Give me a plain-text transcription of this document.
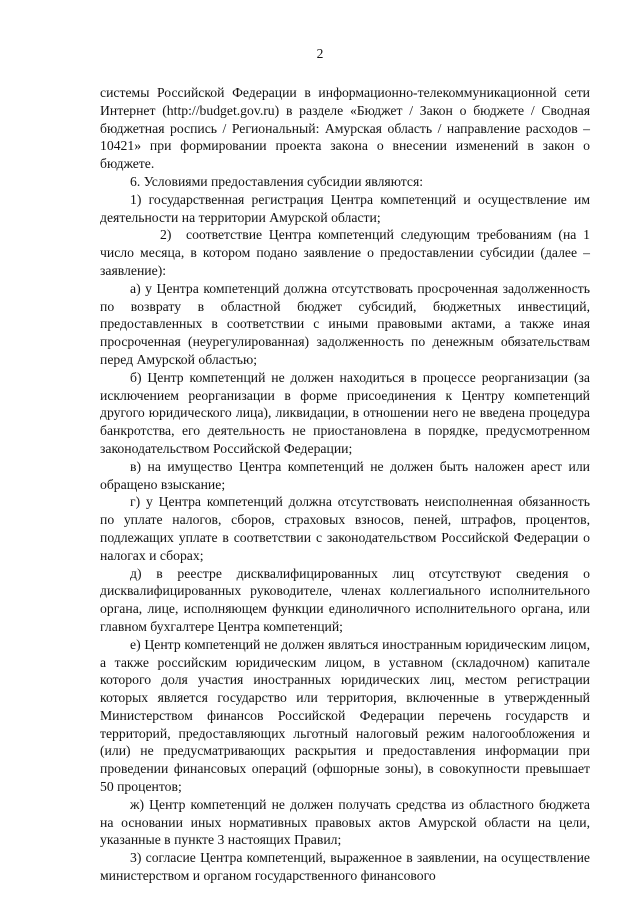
2

системы Российской Федерации в информационно-телекоммуникационной сети Интернет (http://budget.gov.ru) в разделе «Бюджет / Закон о бюджете / Сводная бюджетная роспись / Региональный: Амурская область / направление расходов – 10421» при формировании проекта закона о внесении изменений в закон о бюджете.

6. Условиями предоставления субсидии являются:

1) государственная регистрация Центра компетенций и осуществление им деятельности на территории Амурской области;

2) соответствие Центра компетенций следующим требованиям (на 1 число месяца, в котором подано заявление о предоставлении субсидии (далее – заявление):

а) у Центра компетенций должна отсутствовать просроченная задолженность по возврату в областной бюджет субсидий, бюджетных инвестиций, предоставленных в соответствии с иными правовыми актами, а также иная просроченная (неурегулированная) задолженность по денежным обязательствам перед Амурской областью;

б) Центр компетенций не должен находиться в процессе реорганизации (за исключением реорганизации в форме присоединения к Центру компетенций другого юридического лица), ликвидации, в отношении него не введена процедура банкротства, его деятельность не приостановлена в порядке, предусмотренном законодательством Российской Федерации;

в) на имущество Центра компетенций не должен быть наложен арест или обращено взыскание;

г) у Центра компетенций должна отсутствовать неисполненная обязанность по уплате налогов, сборов, страховых взносов, пеней, штрафов, процентов, подлежащих уплате в соответствии с законодательством Российской Федерации о налогах и сборах;

д) в реестре дисквалифицированных лиц отсутствуют сведения о дисквалифицированных руководителе, членах коллегиального исполнительного органа, лице, исполняющем функции единоличного исполнительного органа, или главном бухгалтере Центра компетенций;

е) Центр компетенций не должен являться иностранным юридическим лицом, а также российским юридическим лицом, в уставном (складочном) капитале которого доля участия иностранных юридических лиц, местом регистрации которых является государство или территория, включенные в утвержденный Министерством финансов Российской Федерации перечень государств и территорий, предоставляющих льготный налоговый режим налогообложения и (или) не предусматривающих раскрытия и предоставления информации при проведении финансовых операций (офшорные зоны), в совокупности превышает 50 процентов;

ж) Центр компетенций не должен получать средства из областного бюджета на основании иных нормативных правовых актов Амурской области на цели, указанные в пункте 3 настоящих Правил;

3) согласие Центра компетенций, выраженное в заявлении, на осуществление министерством и органом государственного финансового
